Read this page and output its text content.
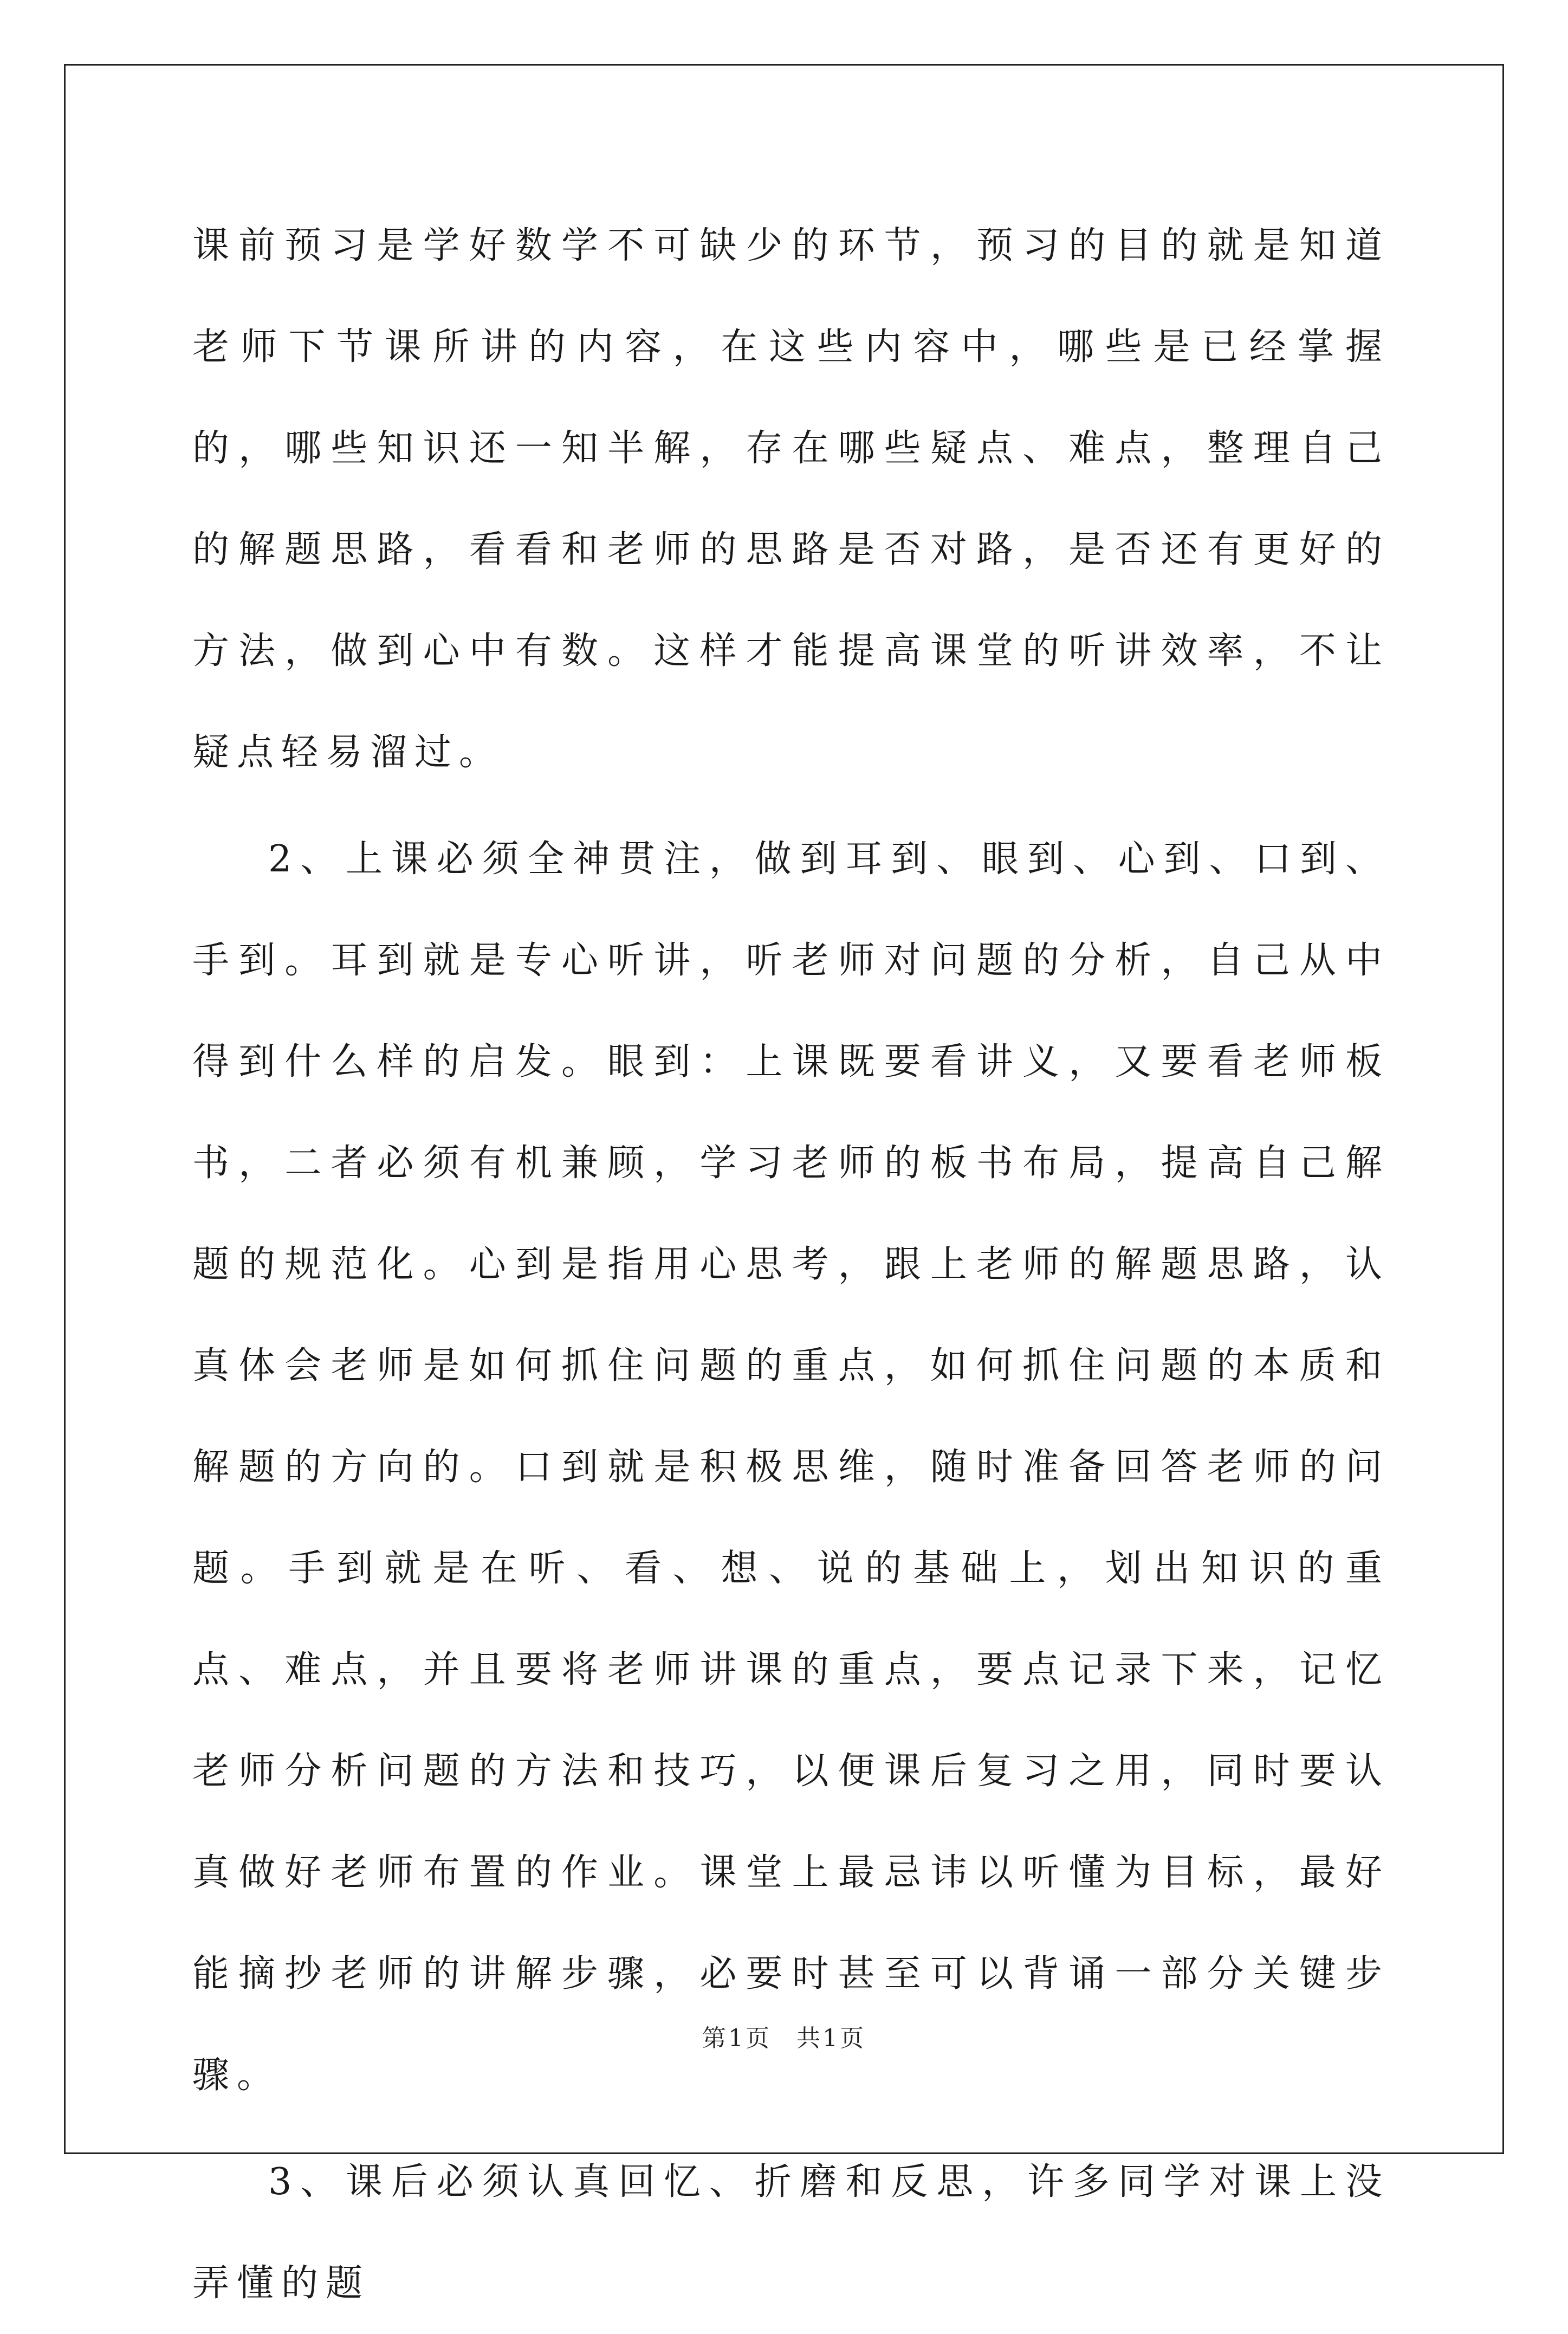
课前预习是学好数学不可缺少的环节，预习的目的就是知道老师下节课所讲的内容，在这些内容中，哪些是已经掌握的，哪些知识还一知半解，存在哪些疑点、难点，整理自己的解题思路，看看和老师的思路是否对路，是否还有更好的方法，做到心中有数。这样才能提高课堂的听讲效率，不让疑点轻易溜过。

2、上课必须全神贯注，做到耳到、眼到、心到、口到、手到。耳到就是专心听讲，听老师对问题的分析，自己从中得到什么样的启发。眼到：上课既要看讲义，又要看老师板书，二者必须有机兼顾，学习老师的板书布局，提高自己解题的规范化。心到是指用心思考，跟上老师的解题思路，认真体会老师是如何抓住问题的重点，如何抓住问题的本质和解题的方向的。口到就是积极思维，随时准备回答老师的问题。手到就是在听、看、想、说的基础上，划出知识的重点、难点，并且要将老师讲课的重点，要点记录下来，记忆老师分析问题的方法和技巧，以便课后复习之用，同时要认真做好老师布置的作业。课堂上最忌讳以听懂为目标，最好能摘抄老师的讲解步骤，必要时甚至可以背诵一部分关键步骤。

3、课后必须认真回忆、折磨和反思，许多同学对课上没弄懂的题

第1页 共1页
